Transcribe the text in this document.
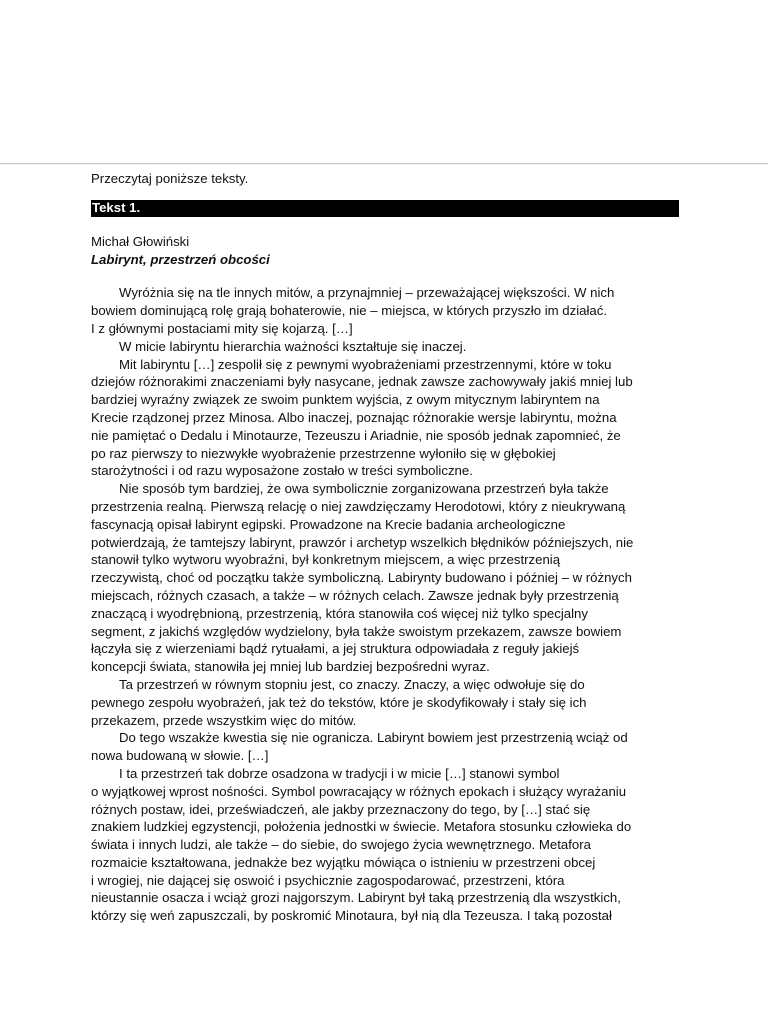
Przeczytaj poniższe teksty.

Tekst 1.
Michał Głowiński
Labirynt, przestrzeń obcości
Wyróżnia się na tle innych mitów, a przynajmniej – przeważającej większości. W nich
bowiem dominującą rolę grają bohaterowie, nie – miejsca, w których przyszło im działać.
I z głównymi postaciami mity się kojarzą. […]
W micie labiryntu hierarchia ważności kształtuje się inaczej.
Mit labiryntu […] zespolił się z pewnymi wyobrażeniami przestrzennymi, które w toku
dziejów różnorakimi znaczeniami były nasycane, jednak zawsze zachowywały jakiś mniej lub
bardziej wyraźny związek ze swoim punktem wyjścia, z owym mitycznym labiryntem na
Krecie rządzonej przez Minosa. Albo inaczej, poznając różnorakie wersje labiryntu, można
nie pamiętać o Dedalu i Minotaurze, Tezeuszu i Ariadnie, nie sposób jednak zapomnieć, że
po raz pierwszy to niezwykłe wyobrażenie przestrzenne wyłoniło się w głębokiej
starożytności i od razu wyposażone zostało w treści symboliczne.
Nie sposób tym bardziej, że owa symbolicznie zorganizowana przestrzeń była także
przestrzenia realną. Pierwszą relację o niej zawdzięczamy Herodotowi, który z nieukrywaną
fascynacją opisał labirynt egipski. Prowadzone na Krecie badania archeologiczne
potwierdzają, że tamtejszy labirynt, prawzór i archetyp wszelkich błędników późniejszych, nie
stanowił tylko wytworu wyobraźni, był konkretnym miejscem, a więc przestrzenią
rzeczywistą, choć od początku także symboliczną. Labirynty budowano i później – w różnych
miejscach, różnych czasach, a także – w różnych celach. Zawsze jednak były przestrzenią
znaczącą i wyodrębnioną, przestrzenią, która stanowiła coś więcej niż tylko specjalny
segment, z jakichś względów wydzielony, była także swoistym przekazem, zawsze bowiem
łączyła się z wierzeniami bądź rytuałami, a jej struktura odpowiadała z reguły jakiejś
koncepcji świata, stanowiła jej mniej lub bardziej bezpośredni wyraz.
Ta przestrzeń w równym stopniu jest, co znaczy. Znaczy, a więc odwołuje się do
pewnego zespołu wyobrażeń, jak też do tekstów, które je skodyfikowały i stały się ich
przekazem, przede wszystkim więc do mitów.
Do tego wszakże kwestia się nie ogranicza. Labirynt bowiem jest przestrzenią wciąż od
nowa budowaną w słowie. […]
I ta przestrzeń tak dobrze osadzona w tradycji i w micie […] stanowi symbol
o wyjątkowej wprost nośności. Symbol powracający w różnych epokach i służący wyrażaniu
różnych postaw, idei, przeświadczeń, ale jakby przeznaczony do tego, by […] stać się
znakiem ludzkiej egzystencji, położenia jednostki w świecie. Metafora stosunku człowieka do
świata i innych ludzi, ale także – do siebie, do swojego życia wewnętrznego. Metafora
rozmaicie kształtowana, jednakże bez wyjątku mówiąca o istnieniu w przestrzeni obcej
i wrogiej, nie dającej się oswoić i psychicznie zagospodarować, przestrzeni, która
nieustannie osacza i wciąż grozi najgorszym. Labirynt był taką przestrzenią dla wszystkich,
którzy się weń zapuszczali, by poskromić Minotaura, był nią dla Tezeusza. I taką pozostał
